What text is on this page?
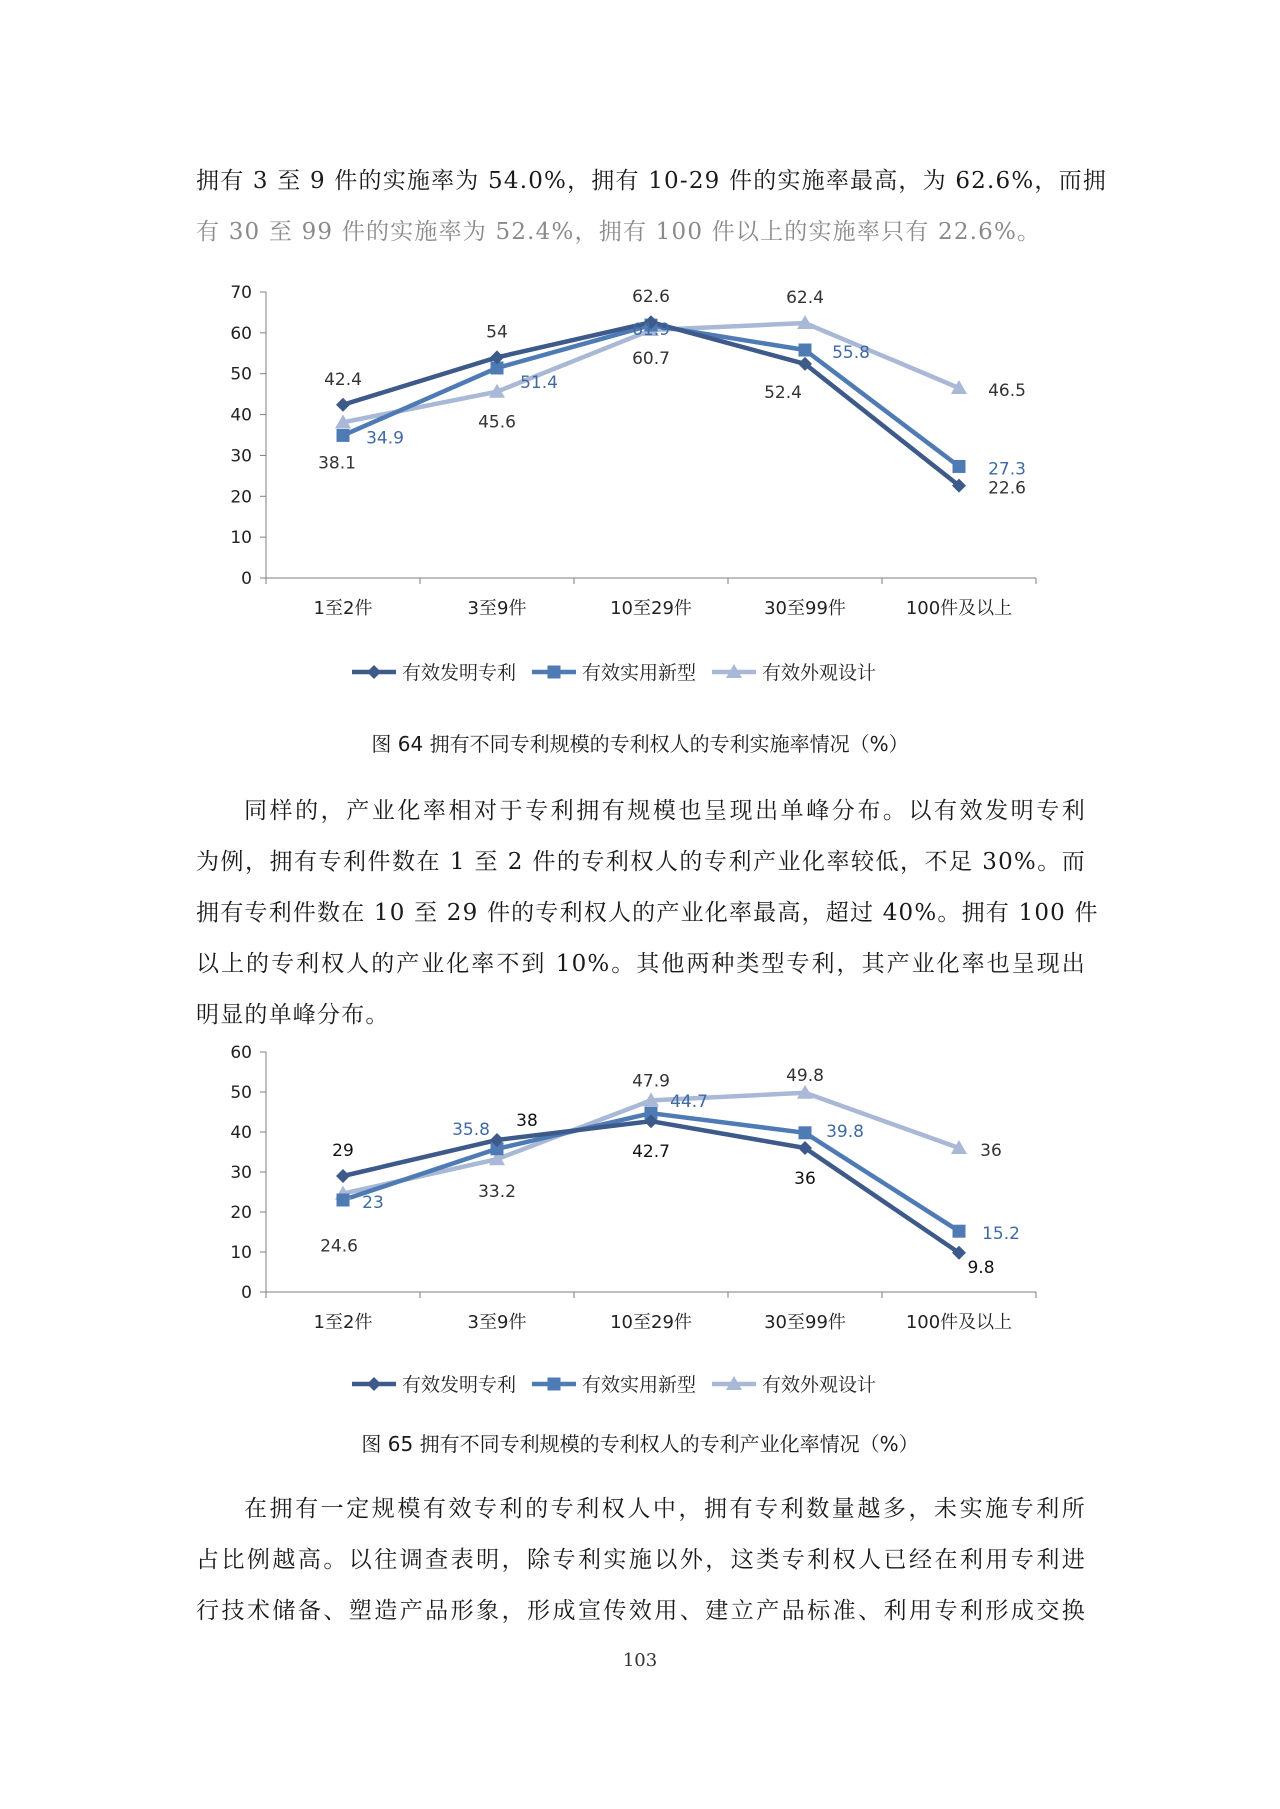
拥有 3 至 9 件的实施率为 54.0%，拥有 10-29 件的实施率最高，为 62.6%，而拥
有 30 至 99 件的实施率为 52.4%，拥有 100 件以上的实施率只有 22.6%。
0
10
20
30
40
50
60
70
1至2件	3至9件	10至29件	30至99件	100件及以上
42.4
54
62.6
52.4
22.6
34.9
51.4
61.9
55.8
27.3
38.1
45.6
60.7
62.4
46.5
有效发明专利	有效实用新型	有效外观设计
图 64 拥有不同专利规模的专利权人的专利实施率情况（%）
同样的，产业化率相对于专利拥有规模也呈现出单峰分布。以有效发明专利
为例，拥有专利件数在 1 至 2 件的专利权人的专利产业化率较低，不足 30%。而
拥有专利件数在 10 至 29 件的专利权人的产业化率最高，超过 40%。拥有 100 件
以上的专利权人的产业化率不到 10%。其他两种类型专利，其产业化率也呈现出
明显的单峰分布。
0
10
20
30
40
50
60
1至2件	3至9件	10至29件	30至99件	100件及以上
29
38
42.7
36
9.8
23
35.8
44.7
39.8
15.2
24.6
33.2
47.9	49.8
36
有效发明专利	有效实用新型	有效外观设计
图 65 拥有不同专利规模的专利权人的专利产业化率情况（%）
在拥有一定规模有效专利的专利权人中，拥有专利数量越多，未实施专利所
占比例越高。以往调查表明，除专利实施以外，这类专利权人已经在利用专利进
行技术储备、塑造产品形象，形成宣传效用、建立产品标准、利用专利形成交换
103
